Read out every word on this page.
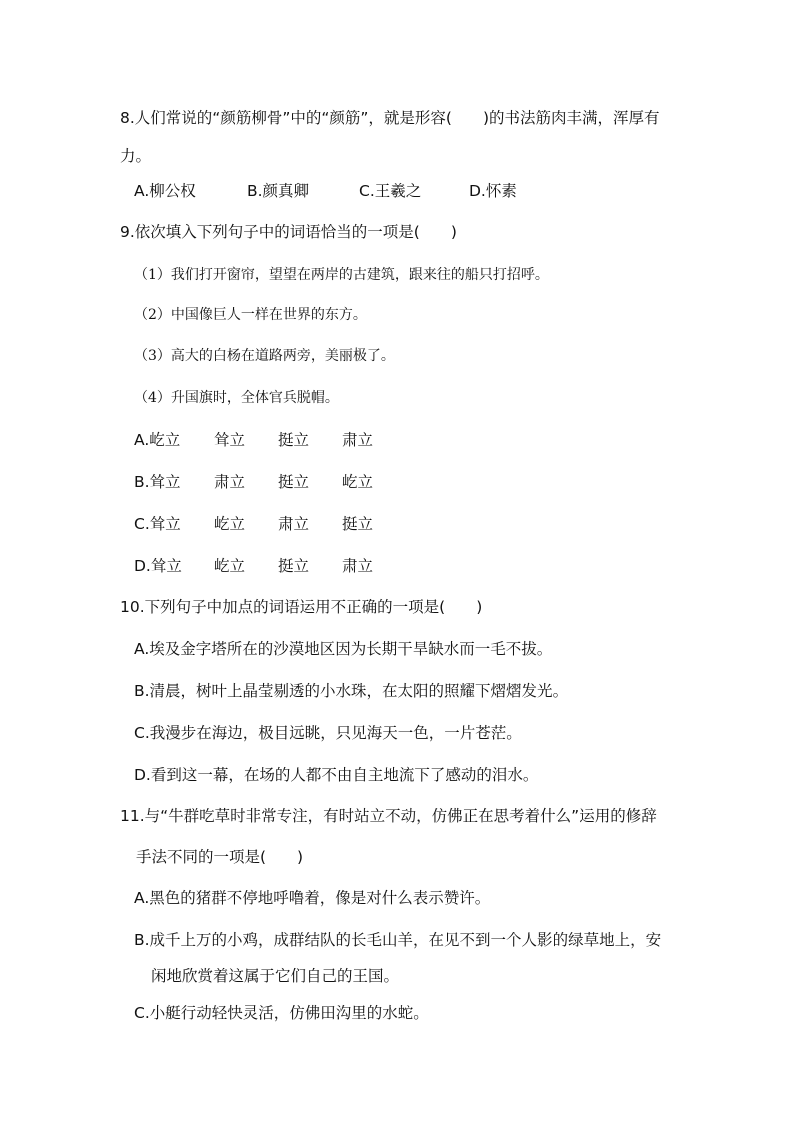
8.人们常说的“颜筋柳骨”中的“颜筋”，就是形容(　　)的书法筋肉丰满，浑厚有
力。
A.柳公权	B.颜真卿	C.王羲之	D.怀素
9.依次填入下列句子中的词语恰当的一项是(　　)
（1）我们打开窗帘，望望在两岸的古建筑，跟来往的船只打招呼。
（2）中国像巨人一样在世界的东方。
（3）高大的白杨在道路两旁，美丽极了。
（4）升国旗时，全体官兵脱帽。
A.屹立 耸立 挺立 肃立
B.耸立 肃立 挺立 屹立
C.耸立 屹立 肃立 挺立
D.耸立 屹立 挺立 肃立
10.下列句子中加点的词语运用不正确的一项是(　　)
A.埃及金字塔所在的沙漠地区因为长期干旱缺水而一毛不拔。
B.清晨，树叶上晶莹剔透的小水珠，在太阳的照耀下熠熠发光。
C.我漫步在海边，极目远眺，只见海天一色，一片苍茫。
D.看到这一幕，在场的人都不由自主地流下了感动的泪水。
11.与“牛群吃草时非常专注，有时站立不动，仿佛正在思考着什么”运用的修辞
手法不同的一项是(　　)
A.黑色的猪群不停地呼噜着，像是对什么表示赞许。
B.成千上万的小鸡，成群结队的长毛山羊，在见不到一个人影的绿草地上，安
闲地欣赏着这属于它们自己的王国。
C.小艇行动轻快灵活，仿佛田沟里的水蛇。
